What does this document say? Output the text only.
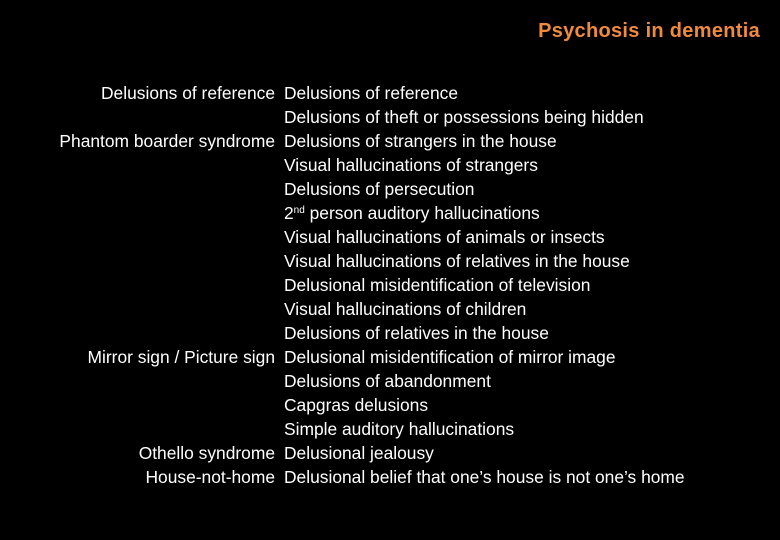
Psychosis in dementia
Delusions of reference Delusions of reference
Delusions of theft or possessions being hidden
Phantom boarder syndrome Delusions of strangers in the house
Visual hallucinations of strangers
Delusions of persecution
2nd person auditory hallucinations
Visual hallucinations of animals or insects
Visual hallucinations of relatives in the house
Delusional misidentification of television
Visual hallucinations of children
Delusions of relatives in the house
Mirror sign / Picture sign Delusional misidentification of mirror image
Delusions of abandonment
Capgras delusions
Simple auditory hallucinations
Othello syndrome Delusional jealousy
House-not-home Delusional belief that one’s house is not one’s home
